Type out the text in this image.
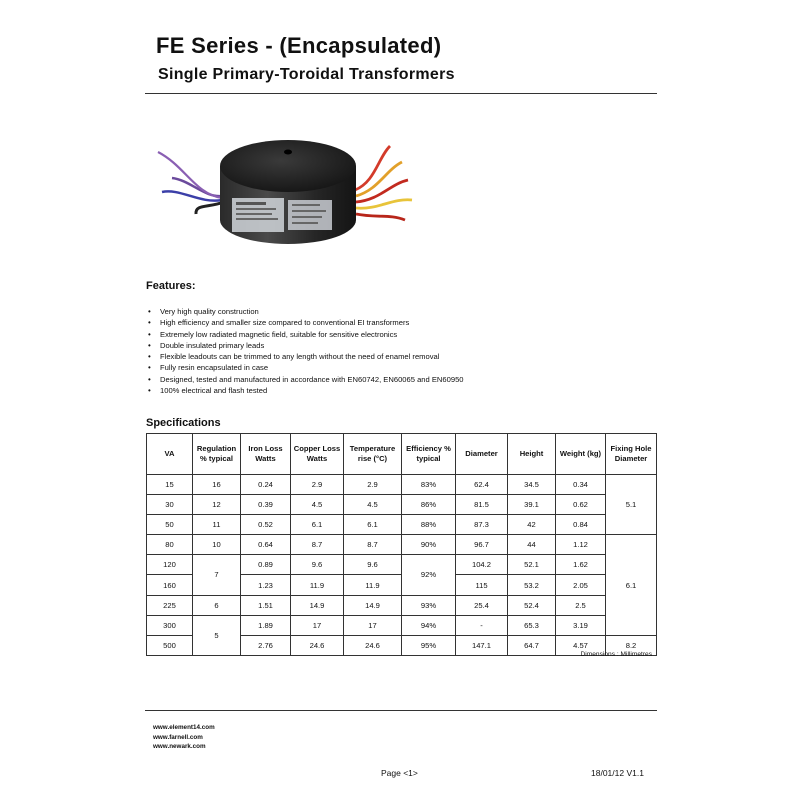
FE Series - (Encapsulated)
Single Primary-Toroidal Transformers
Features:
• Very high quality construction
• High efficiency and smaller size compared to conventional EI transformers
• Extremely low radiated magnetic field, suitable for sensitive electronics
• Double insulated primary leads
• Flexible leadouts can be trimmed to any length without the need of enamel removal
• Fully resin encapsulated in case
• Designed, tested and manufactured in accordance with EN60742, EN60065 and EN60950
• 100% electrical and flash tested
Specifications
VA	Regulation % typical	Iron Loss Watts	Copper Loss Watts	Temperature rise (°C)	Efficiency % typical	Diameter	Height	Weight (kg)	Fixing Hole Diameter
15	16	0.24	2.9	2.9	83%	62.4	34.5	0.34	5.1
30	12	0.39	4.5	4.5	86%	81.5	39.1	0.62	
50	11	0.52	6.1	6.1	88%	87.3	42	0.84	
80	10	0.64	8.7	8.7	90%	96.7	44	1.12	6.1
120	7	0.89	9.6	9.6	92%	104.2	52.1	1.62	
160		1.23	11.9	11.9		115	53.2	2.05	
225	6	1.51	14.9	14.9	93%	25.4	52.4	2.5	
300	5	1.89	17	17	94%	-	65.3	3.19	
500		2.76	24.6	24.6	95%	147.1	64.7	4.57	8.2
Dimensions : Millimetres
www.element14.com
www.farnell.com
www.newark.com
Page <1>	18/01/12 V1.1
